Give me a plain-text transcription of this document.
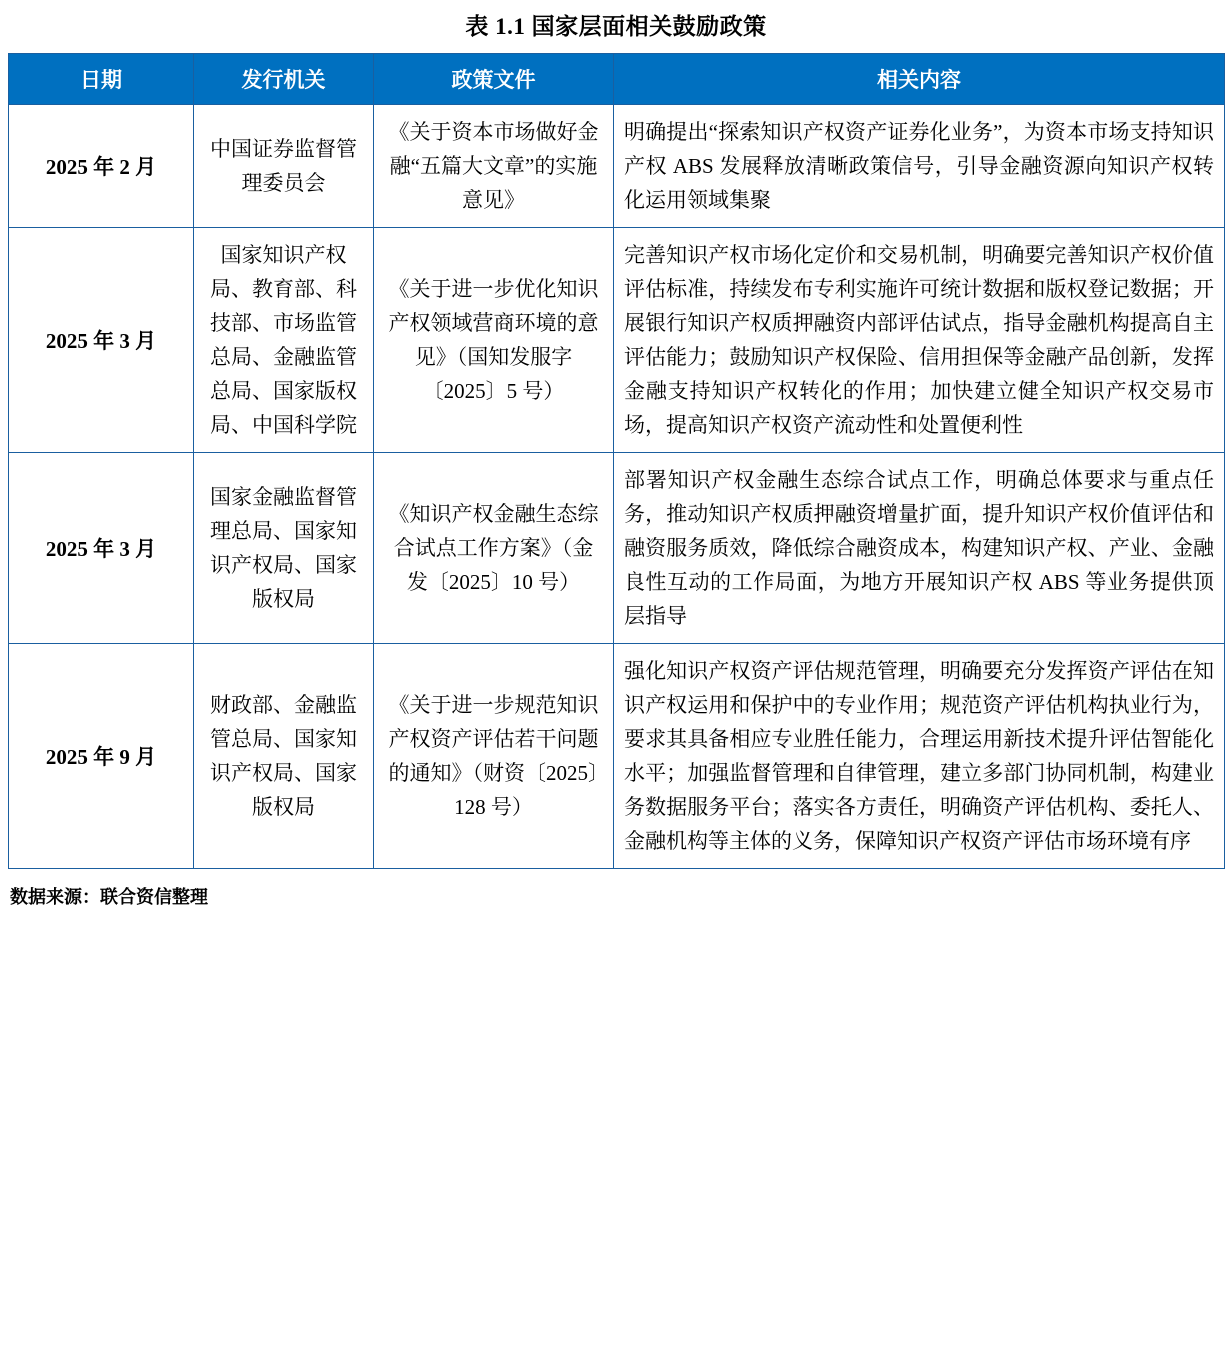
表 1.1 国家层面相关鼓励政策
日期	发行机关	政策文件	相关内容
2025 年 2 月	中国证券监督管理委员会	《关于资本市场做好金融“五篇大文章”的实施意见》	明确提出“探索知识产权资产证券化业务”，为资本市场支持知识产权 ABS 发展释放清晰政策信号，引导金融资源向知识产权转化运用领域集聚
2025 年 3 月	国家知识产权局、教育部、科技部、市场监管总局、金融监管总局、国家版权局、中国科学院	《关于进一步优化知识产权领域营商环境的意见》（国知发服字〔2025〕5 号）	完善知识产权市场化定价和交易机制，明确要完善知识产权价值评估标准，持续发布专利实施许可统计数据和版权登记数据；开展银行知识产权质押融资内部评估试点，指导金融机构提高自主评估能力；鼓励知识产权保险、信用担保等金融产品创新，发挥金融支持知识产权转化的作用；加快建立健全知识产权交易市场，提高知识产权资产流动性和处置便利性
2025 年 3 月	国家金融监督管理总局、国家知识产权局、国家版权局	《知识产权金融生态综合试点工作方案》（金发〔2025〕10 号）	部署知识产权金融生态综合试点工作，明确总体要求与重点任务，推动知识产权质押融资增量扩面，提升知识产权价值评估和融资服务质效，降低综合融资成本，构建知识产权、产业、金融良性互动的工作局面，为地方开展知识产权 ABS 等业务提供顶层指导
2025 年 9 月	财政部、金融监管总局、国家知识产权局、国家版权局	《关于进一步规范知识产权资产评估若干问题的通知》（财资〔2025〕128 号）	强化知识产权资产评估规范管理，明确要充分发挥资产评估在知识产权运用和保护中的专业作用；规范资产评估机构执业行为，要求其具备相应专业胜任能力，合理运用新技术提升评估智能化水平；加强监督管理和自律管理，建立多部门协同机制，构建业务数据服务平台；落实各方责任，明确资产评估机构、委托人、金融机构等主体的义务，保障知识产权资产评估市场环境有序
数据来源：联合资信整理
